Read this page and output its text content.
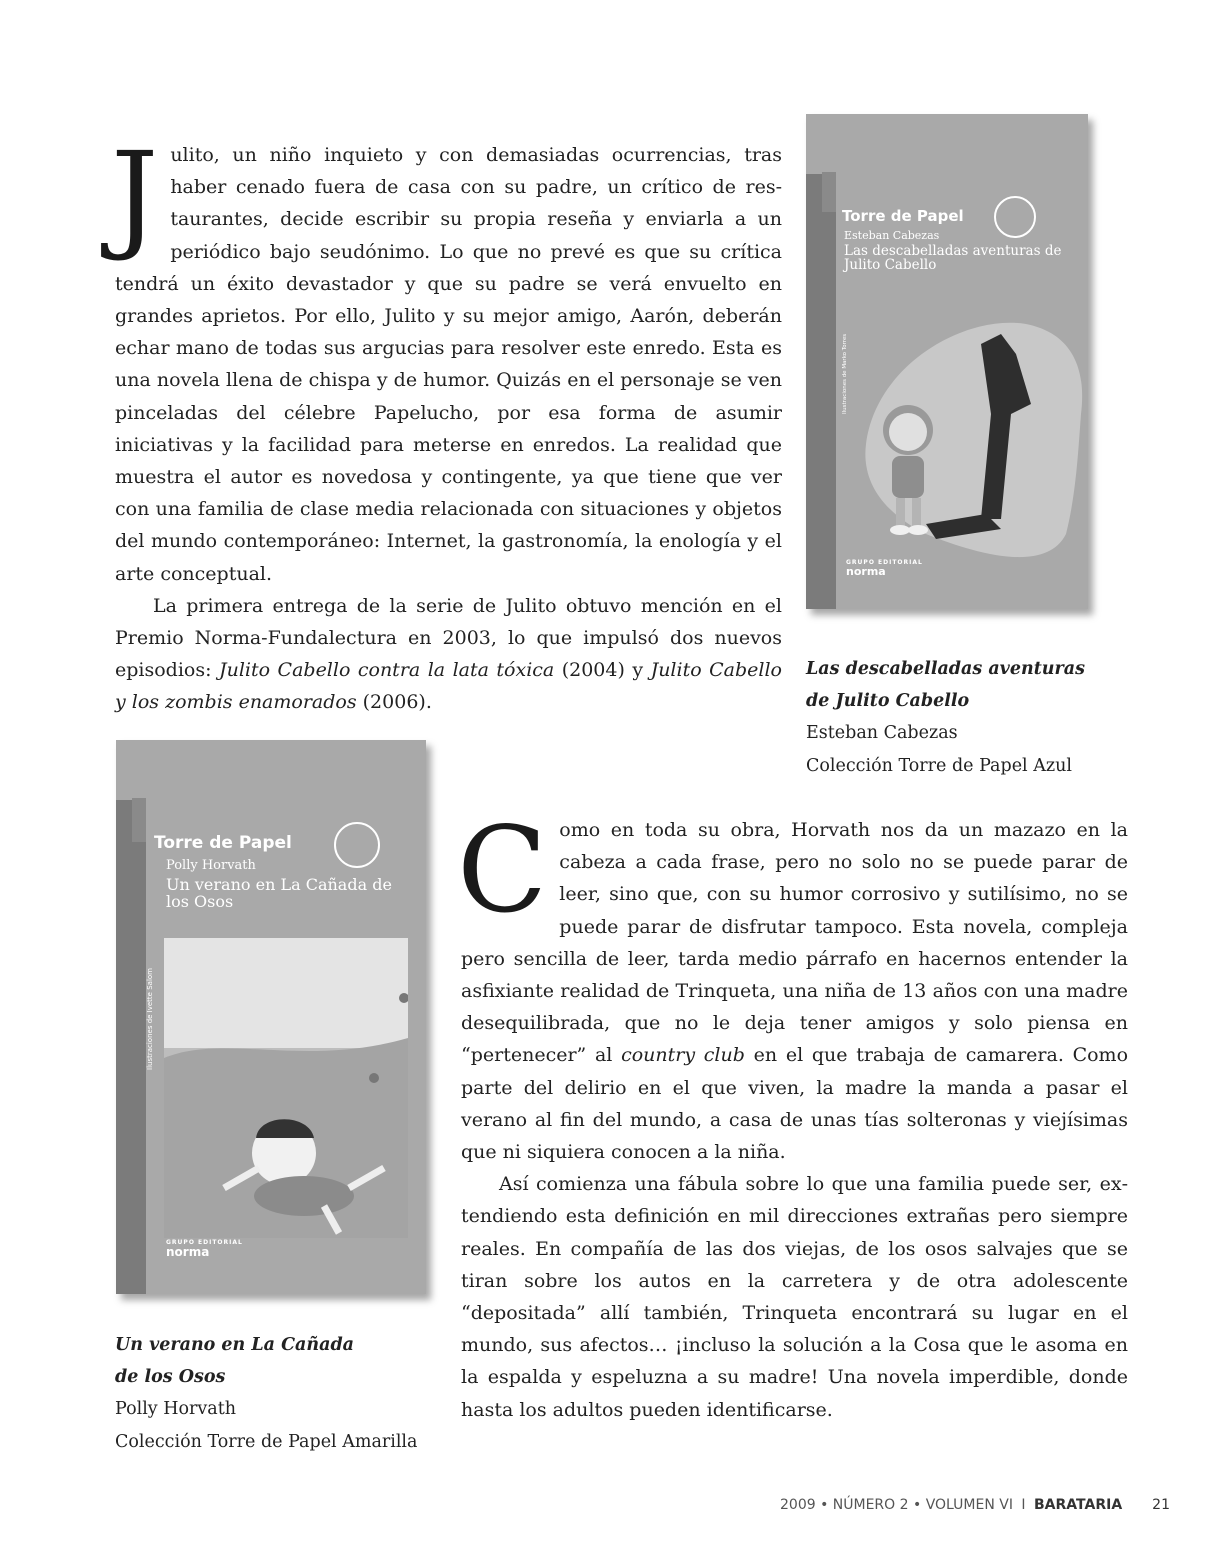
Julito, un niño inquieto y con demasiadas ocurrencias, tras haber cenado fuera de casa con su padre, un crítico de restaurantes, decide escribir su propia reseña y enviarla a un periódico bajo seudónimo. Lo que no prevé es que su crítica tendrá un éxito devastador y que su padre se verá envuelto en grandes aprietos. Por ello, Julito y su mejor amigo, Aarón, deberán echar mano de todas sus argucias para resolver este enredo. Esta es una novela llena de chispa y de humor. Quizás en el personaje se ven pinceladas del célebre Papelucho, por esa forma de asumir iniciativas y la facilidad para meterse en enredos. La realidad que muestra el autor es novedosa y contingente, ya que tiene que ver con una familia de clase media relacionada con situaciones y objetos del mundo contemporáneo: Internet, la gastronomía, la enología y el arte conceptual.

La primera entrega de la serie de Julito obtuvo mención en el Premio Norma-Fundalectura en 2003, lo que impulsó dos nuevos episodios: Julito Cabello contra la lata tóxica (2004) y Julito Cabello y los zombis enamorados (2006).

Torre de Papel
Esteban Cabezas
Las descabelladas aventuras de Julito Cabello
Ilustraciones de Marko Torres
GRUPO EDITORIAL
norma
Las descabelladas aventuras
de Julito Cabello
Esteban Cabezas
Colección Torre de Papel Azul
Torre de Papel
Polly Horvath
Un verano en La Cañada de los Osos
Ilustraciones de Ivette Salom
GRUPO EDITORIAL
norma
Un verano en La Cañada
de los Osos
Polly Horvath
Colección Torre de Papel Amarilla

Como en toda su obra, Horvath nos da un mazazo en la cabeza a cada frase, pero no solo no se puede parar de leer, sino que, con su humor corrosivo y sutilísimo, no se puede parar de disfrutar tampoco. Esta novela, compleja pero sencilla de leer, tarda medio párrafo en hacernos entender la asfixiante realidad de Trinqueta, una niña de 13 años con una madre desequilibrada, que no le deja tener amigos y solo piensa en “pertenecer” al country club en el que trabaja de camarera. Como parte del delirio en el que viven, la madre la manda a pasar el verano al fin del mundo, a casa de unas tías solteronas y viejísimas que ni siquiera conocen a la niña.

Así comienza una fábula sobre lo que una familia puede ser, extendiendo esta definición en mil direcciones extrañas pero siempre reales. En compañía de las dos viejas, de los osos salvajes que se tiran sobre los autos en la carretera y de otra adolescente “depositada” allí también, Trinqueta encontrará su lugar en el mundo, sus afectos… ¡incluso la solución a la Cosa que le asoma en la espalda y espeluzna a su madre! Una novela imperdible, donde hasta los adultos pueden identificarse.

2009 • NÚMERO 2 • VOLUMEN VI I BARATARIA 21
